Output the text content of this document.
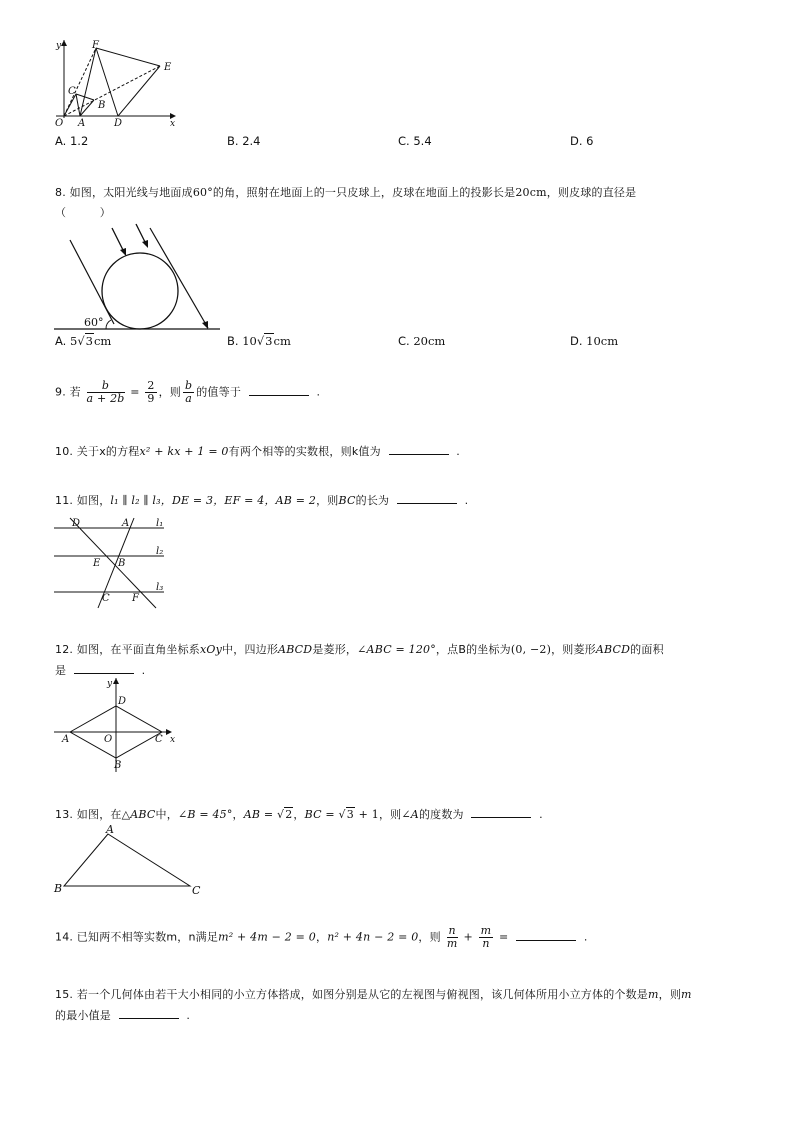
y
x
O A	D
C
B
F
E
A. 1.2	B. 2.4	C. 5.4	D. 6
8. 如图，太阳光线与地面成60°的角，照射在地面上的一只皮球上，皮球在地面上的投影长是20cm，则皮球的直径是
（　　　）
60°
A. 5√3cm	B. 10√3cm	C. 20cm	D. 10cm
9. 若 $\frac{b}{a + 2b} = \frac{2}{9}$ ，则 $\frac{b}{a}$ 的值等于	.
10. 关于x的方程x² + kx + 1 = 0有两个相等的实数根，则k值为	.
11. 如图，l₁ ∥ l₂ ∥ l₃，DE = 3，EF = 4，AB = 2，则BC的长为	.
D	A	l₁
l₂
l₃
E B
C F
12. 如图，在平面直角坐标系xOy中，四边形ABCD是菱形，∠ABC = 120°，点B的坐标为(0, −2)，则菱形ABCD的面积
是	.
y
x
D
A	O	C
B
13. 如图，在△ABC中，∠B = 45°，AB = √2，BC = √3 + 1，则∠A的度数为	.
A
B	C
14. 已知两不相等实数m，n满足m² + 4m − 2 = 0，n² + 4n − 2 = 0，则 $\frac{n}{m} + \frac{m}{n}$ =	.
15. 若一个几何体由若干大小相同的小立方体搭成，如图分别是从它的左视图与俯视图，该几何体所用小立方体的个数是m，则m
的最小值是	.
